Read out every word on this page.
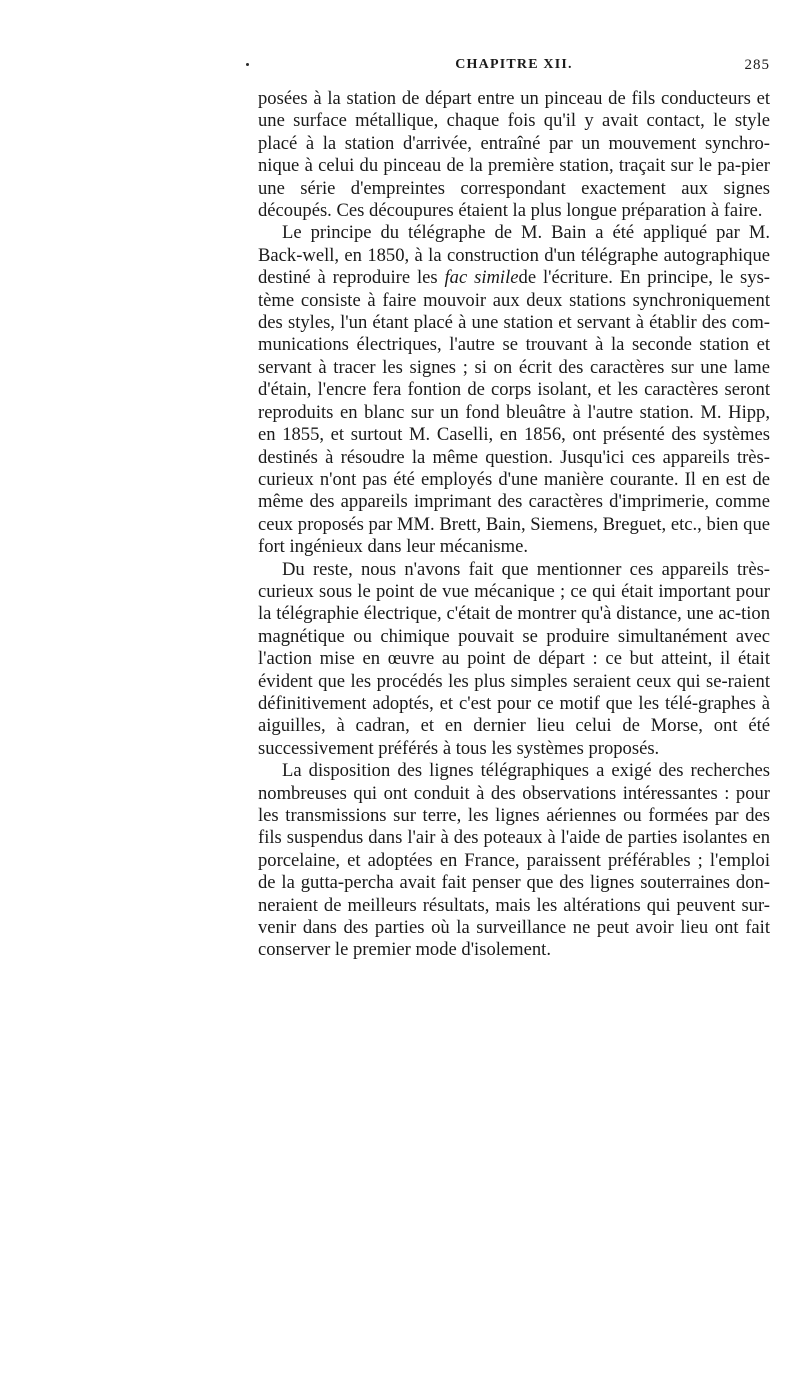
CHAPITRE XII.	285

posées à la station de départ entre un pinceau de fils conducteurs et une surface métallique, chaque fois qu'il y avait contact, le style placé à la station d'arrivée, entraîné par un mouvement synchro-nique à celui du pinceau de la première station, traçait sur le pa-pier une série d'empreintes correspondant exactement aux signes découpés. Ces découpures étaient la plus longue préparation à faire.

Le principe du télégraphe de M. Bain a été appliqué par M. Back-well, en 1850, à la construction d'un télégraphe autographique destiné à reproduire les fac similede l'écriture. En principe, le sys-tème consiste à faire mouvoir aux deux stations synchroniquement des styles, l'un étant placé à une station et servant à établir des com-munications électriques, l'autre se trouvant à la seconde station et servant à tracer les signes ; si on écrit des caractères sur une lame d'étain, l'encre fera fontion de corps isolant, et les caractères seront reproduits en blanc sur un fond bleuâtre à l'autre station. M. Hipp, en 1855, et surtout M. Caselli, en 1856, ont présenté des systèmes destinés à résoudre la même question. Jusqu'ici ces appareils très-curieux n'ont pas été employés d'une manière courante. Il en est de même des appareils imprimant des caractères d'imprimerie, comme ceux proposés par MM. Brett, Bain, Siemens, Breguet, etc., bien que fort ingénieux dans leur mécanisme.

Du reste, nous n'avons fait que mentionner ces appareils très-curieux sous le point de vue mécanique ; ce qui était important pour la télégraphie électrique, c'était de montrer qu'à distance, une ac-tion magnétique ou chimique pouvait se produire simultanément avec l'action mise en œuvre au point de départ : ce but atteint, il était évident que les procédés les plus simples seraient ceux qui se-raient définitivement adoptés, et c'est pour ce motif que les télé-graphes à aiguilles, à cadran, et en dernier lieu celui de Morse, ont été successivement préférés à tous les systèmes proposés.

La disposition des lignes télégraphiques a exigé des recherches nombreuses qui ont conduit à des observations intéressantes : pour les transmissions sur terre, les lignes aériennes ou formées par des fils suspendus dans l'air à des poteaux à l'aide de parties isolantes en porcelaine, et adoptées en France, paraissent préférables ; l'emploi de la gutta-percha avait fait penser que des lignes souterraines don-neraient de meilleurs résultats, mais les altérations qui peuvent sur-venir dans des parties où la surveillance ne peut avoir lieu ont fait conserver le premier mode d'isolement.
